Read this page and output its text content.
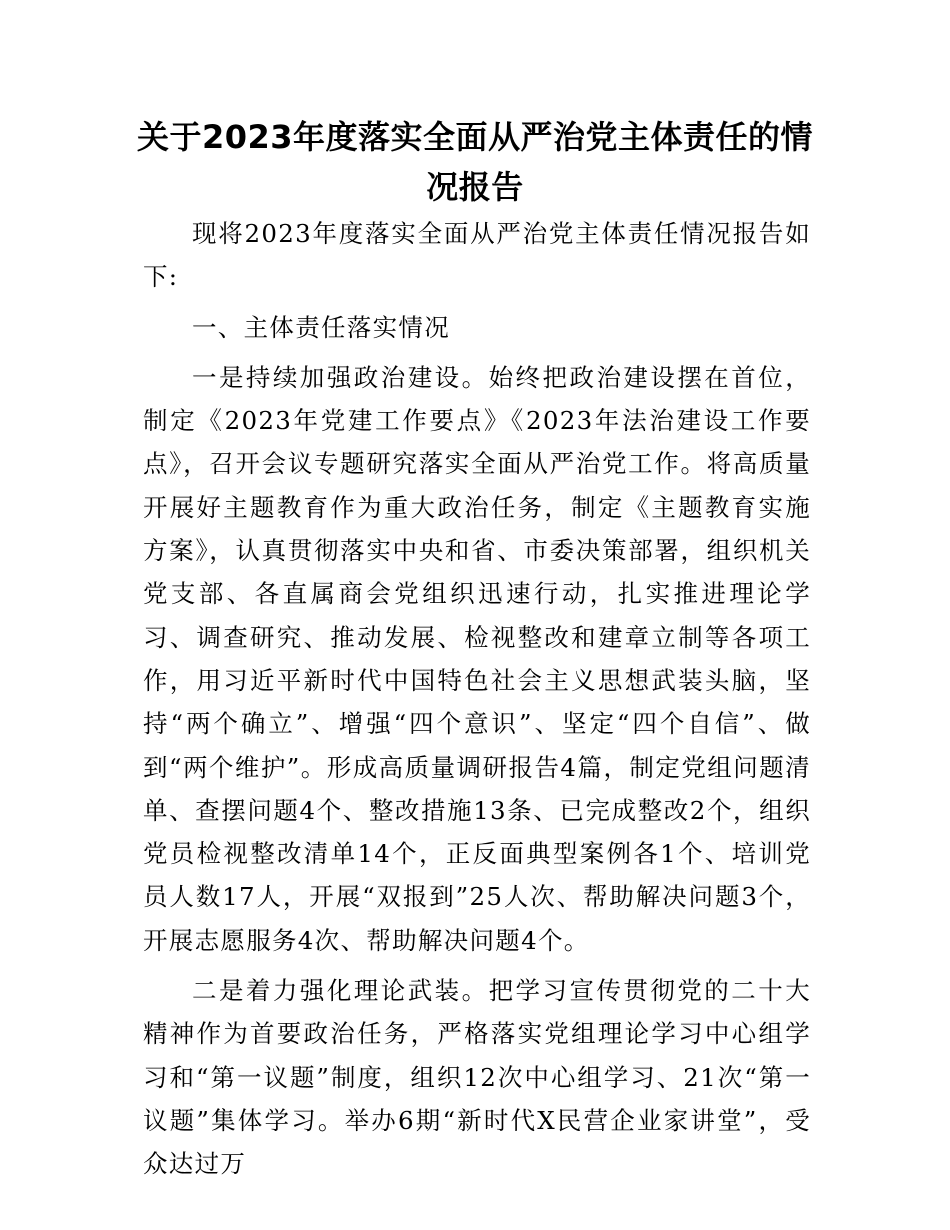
关于2023年度落实全面从严治党主体责任的情况报告

现将2023年度落实全面从严治党主体责任情况报告如下:

一、主体责任落实情况

一是持续加强政治建设。始终把政治建设摆在首位，制定《2023年党建工作要点》《2023年法治建设工作要点》，召开会议专题研究落实全面从严治党工作。将高质量开展好主题教育作为重大政治任务，制定《主题教育实施方案》，认真贯彻落实中央和省、市委决策部署，组织机关党支部、各直属商会党组织迅速行动，扎实推进理论学习、调查研究、推动发展、检视整改和建章立制等各项工作，用习近平新时代中国特色社会主义思想武装头脑，坚持“两个确立”、增强“四个意识”、坚定“四个自信”、做到“两个维护”。形成高质量调研报告4篇，制定党组问题清单、查摆问题4个、整改措施13条、已完成整改2个，组织党员检视整改清单14个，正反面典型案例各1个、培训党员人数17人，开展“双报到”25人次、帮助解决问题3个，开展志愿服务4次、帮助解决问题4个。

二是着力强化理论武装。把学习宣传贯彻党的二十大精神作为首要政治任务，严格落实党组理论学习中心组学习和“第一议题”制度，组织12次中心组学习、21次“第一议题”集体学习。举办6期“新时代X民营企业家讲堂”，受众达过万
